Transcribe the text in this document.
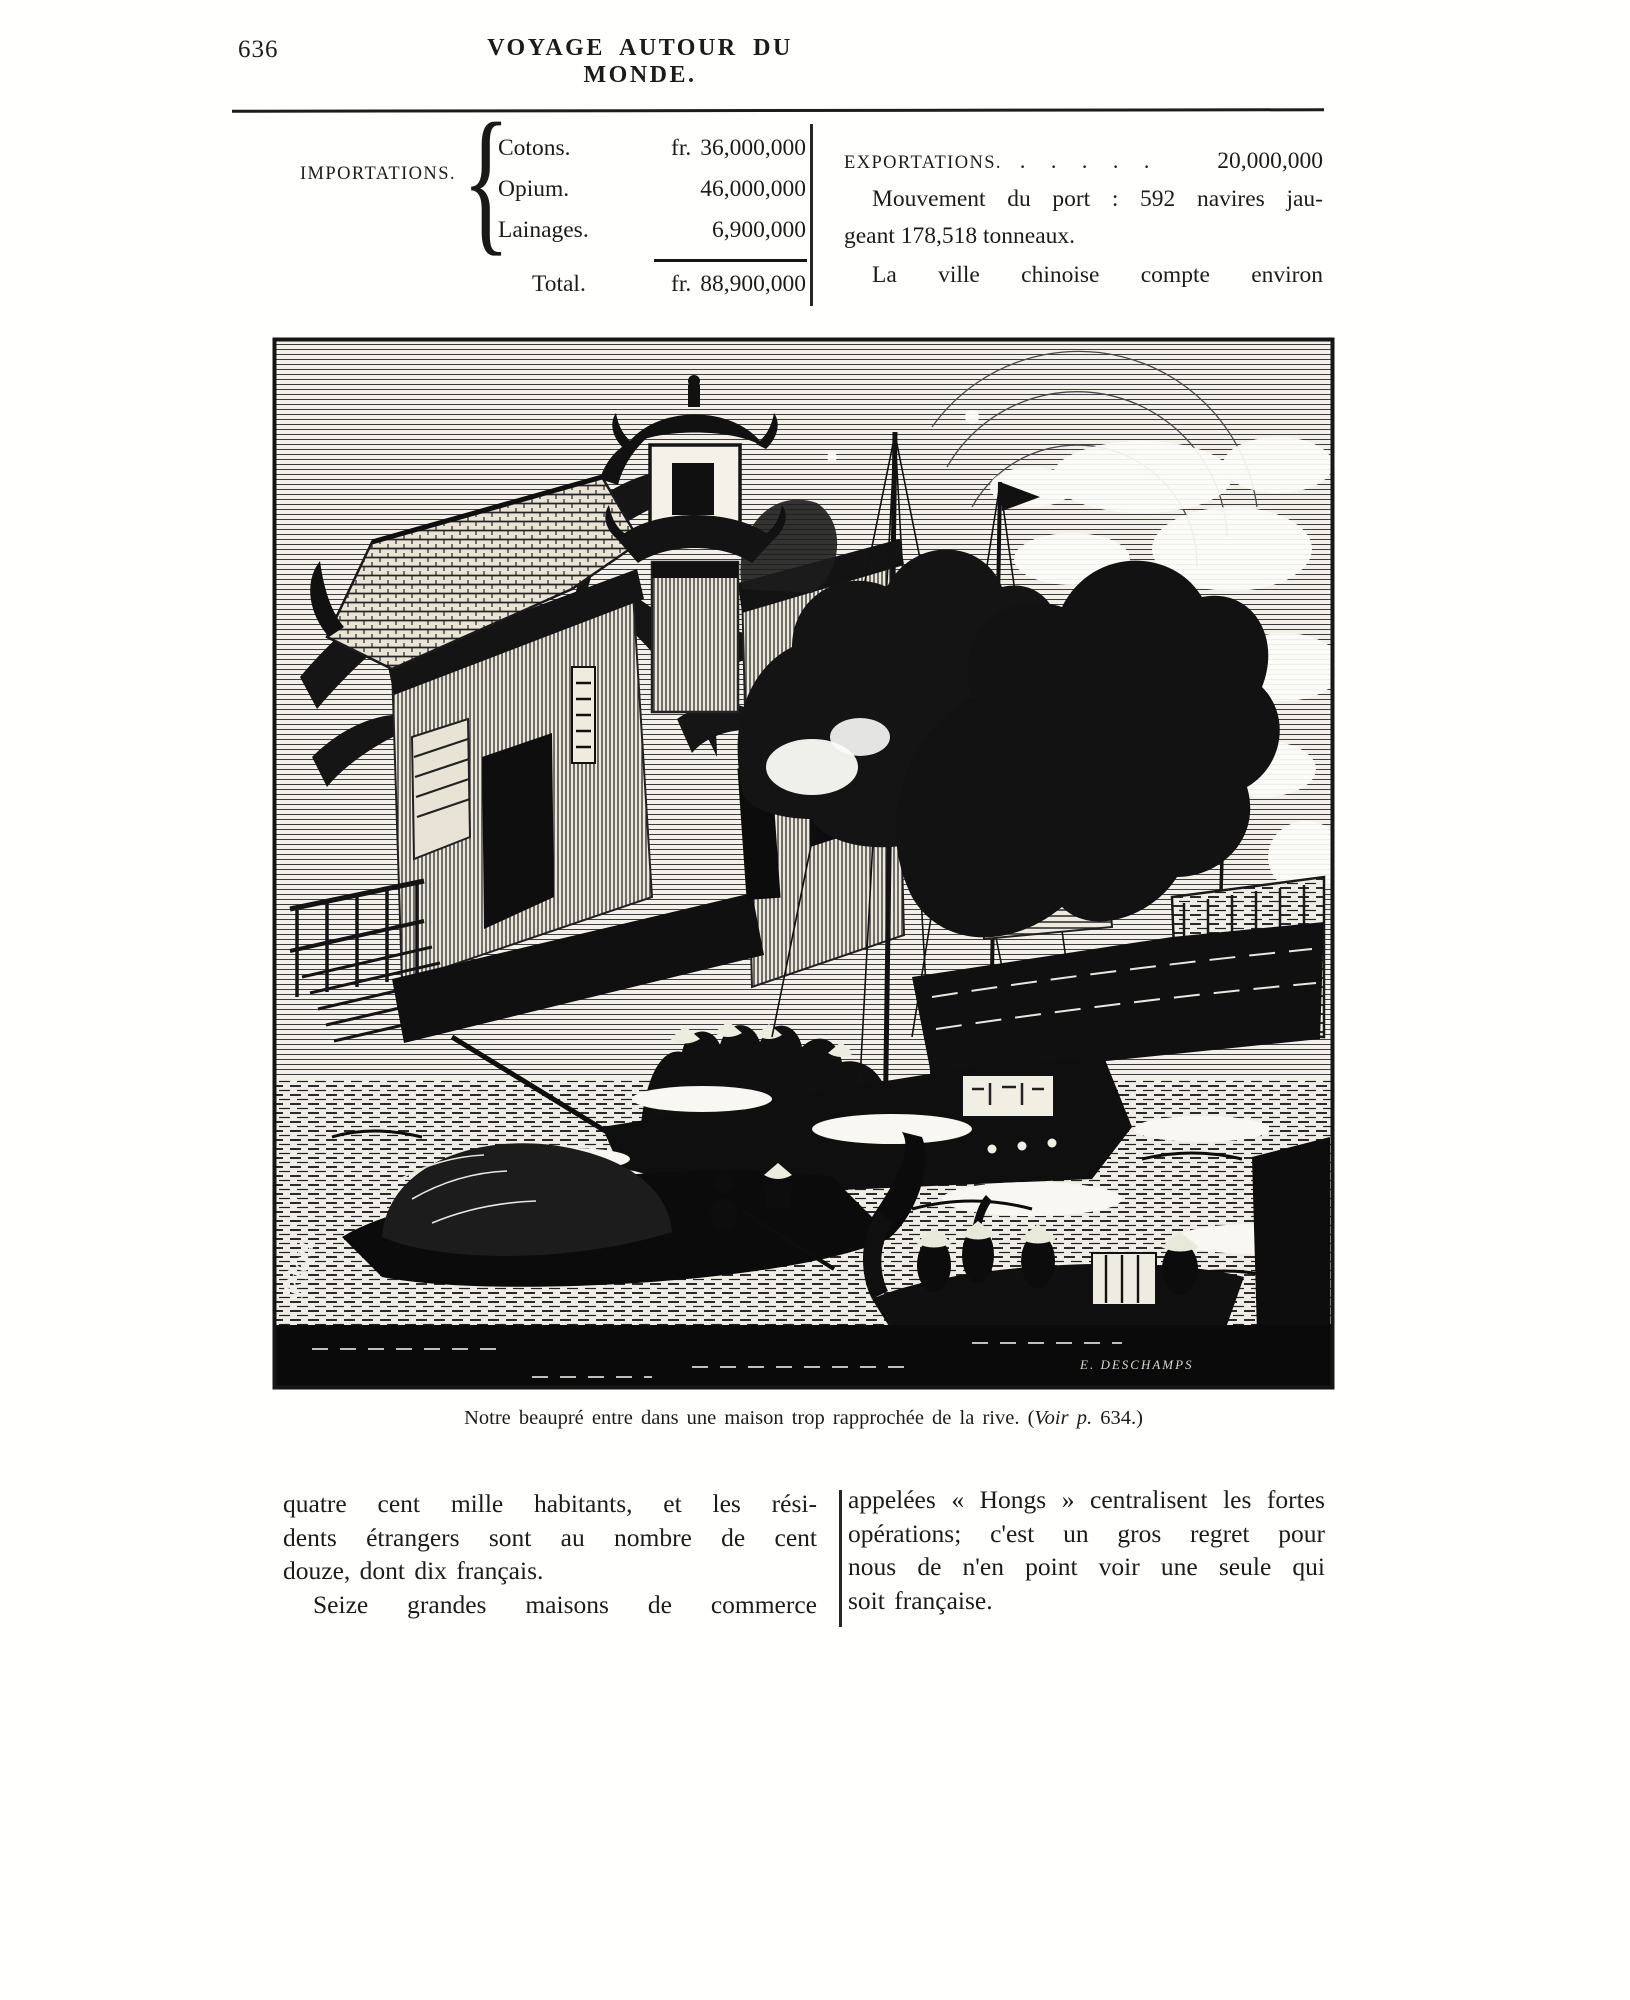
636	VOYAGE AUTOUR DU MONDE.
IMPORTATIONS. {
Cotons.	fr. 36,000,000
Opium.	46,000,000
Lainages.	6,900,000
Total.	fr. 88,900,000
EXPORTATIONS. . . . . . 20,000,000
Mouvement du port : 592 navires jau-
geant 178,518 tonneaux.
La ville chinoise compte environ
Riou
E. DESCHAMPS
Notre beaupré entre dans une maison trop rapprochée de la rive. (Voir p. 634.)
quatre cent mille habitants, et les rési-
dents étrangers sont au nombre de cent
douze, dont dix français.
Seize grandes maisons de commerce
appelées « Hongs » centralisent les fortes
opérations; c'est un gros regret pour
nous de n'en point voir une seule qui
soit française.
